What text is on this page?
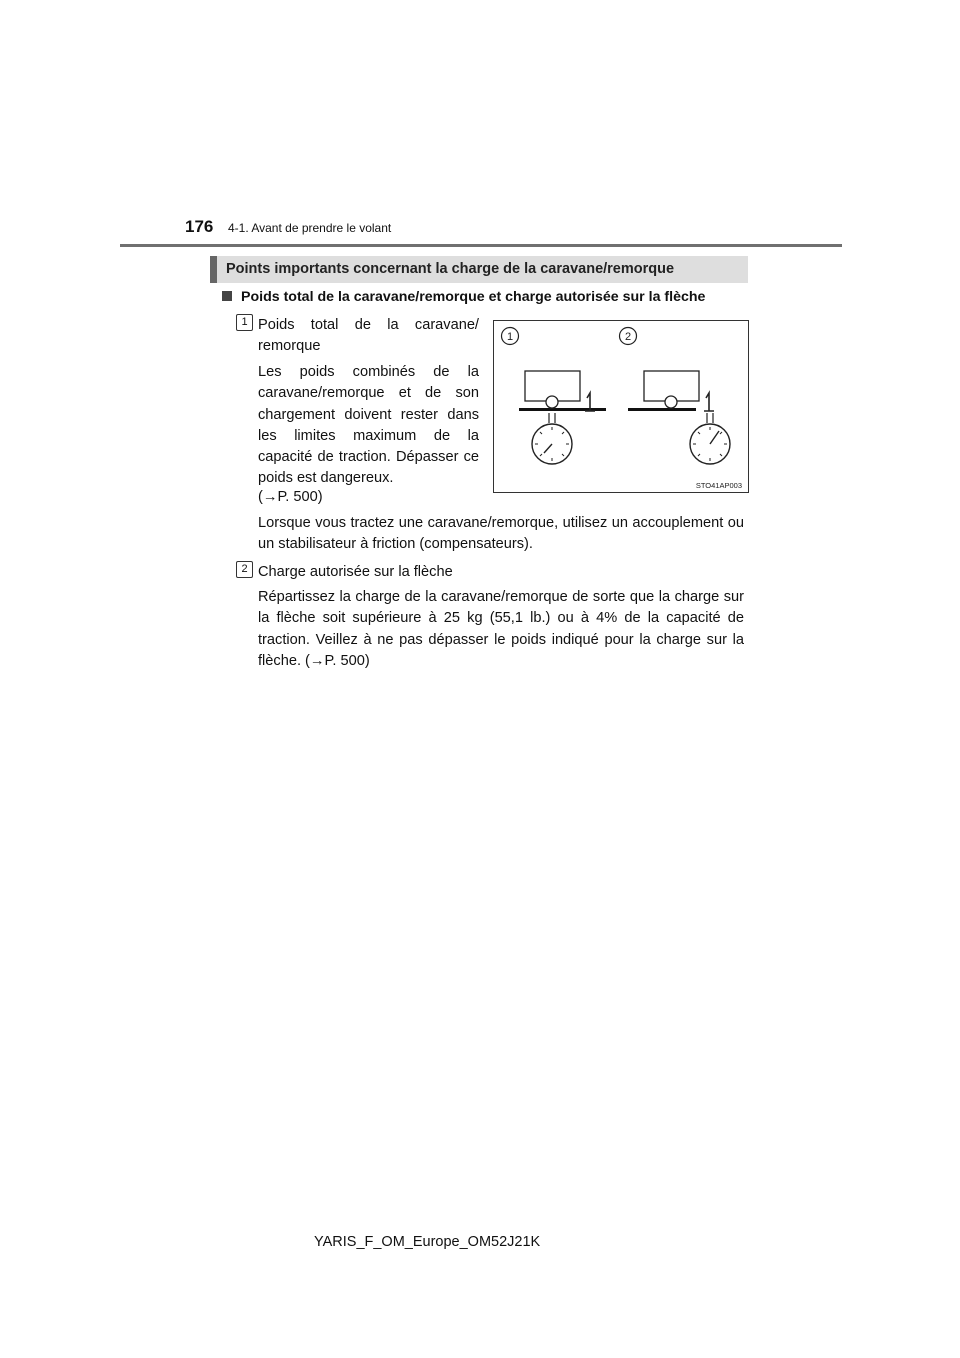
176 4-1. Avant de prendre le volant
Points importants concernant la charge de la caravane/remorque
Poids total de la caravane/remorque et charge autorisée sur la flèche
1 Poids total de la caravane/ remorque
Les poids combinés de la caravane/remorque et de son chargement doivent rester dans les limites maximum de la capacité de traction. Dépasser ce poids est dangereux.
(→P. 500)
Lorsque vous tractez une caravane/remorque, utilisez un accouplement ou un stabilisateur à friction (compensateurs).
1	2
STO41AP003
2 Charge autorisée sur la flèche
Répartissez la charge de la caravane/remorque de sorte que la charge sur la flèche soit supérieure à 25 kg (55,1 lb.) ou à 4% de la capacité de traction. Veillez à ne pas dépasser le poids indiqué pour la charge sur la flèche. (→P. 500)
YARIS_F_OM_Europe_OM52J21K
